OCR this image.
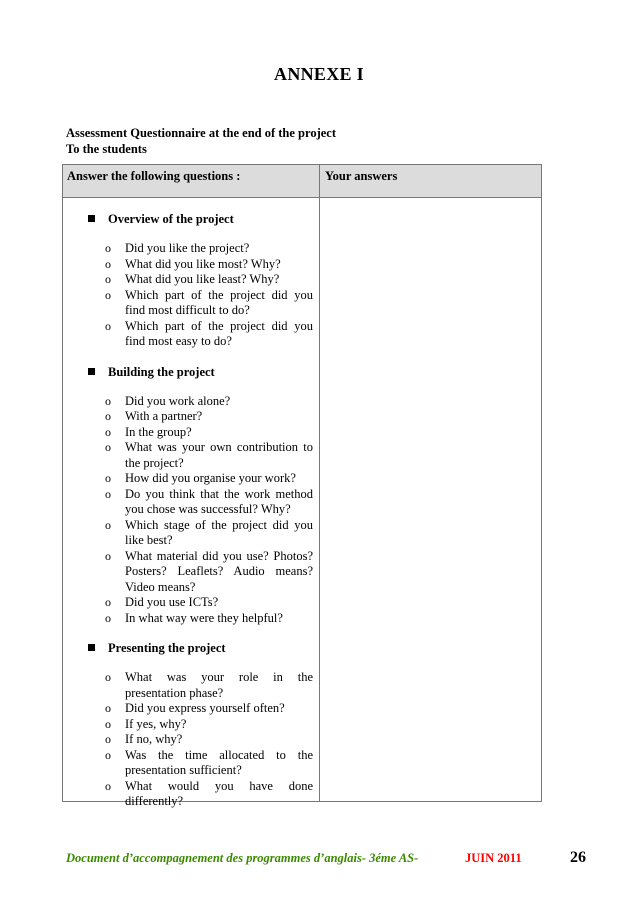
ANNEXE I
Assessment Questionnaire at the end of the project
To the students
Answer the following questions :	Your answers
Overview of the project
o Did you like the project?
o What did you like most? Why?
o What did you like least? Why?
o Which part of the project did you find most difficult to do?
o Which part of the project did you find most easy to do?
Building the project
o Did you work alone?
o With a partner?
o In the group?
o What was your own contribution to the project?
o How did you organise your work?
o Do you think that the work method you chose was successful? Why?
o Which stage of the project did you like best?
o What material did you use? Photos? Posters? Leaflets? Audio means? Video means?
o Did you use ICTs?
o In what way were they helpful?
Presenting the project
o What was your role in the presentation phase?
o Did you express yourself often?
o If yes, why?
o If no, why?
o Was the time allocated to the presentation sufficient?
o What would you have done differently?
Document d’accompagnement des programmes d’anglais- 3éme AS-	JUIN 2011	26
